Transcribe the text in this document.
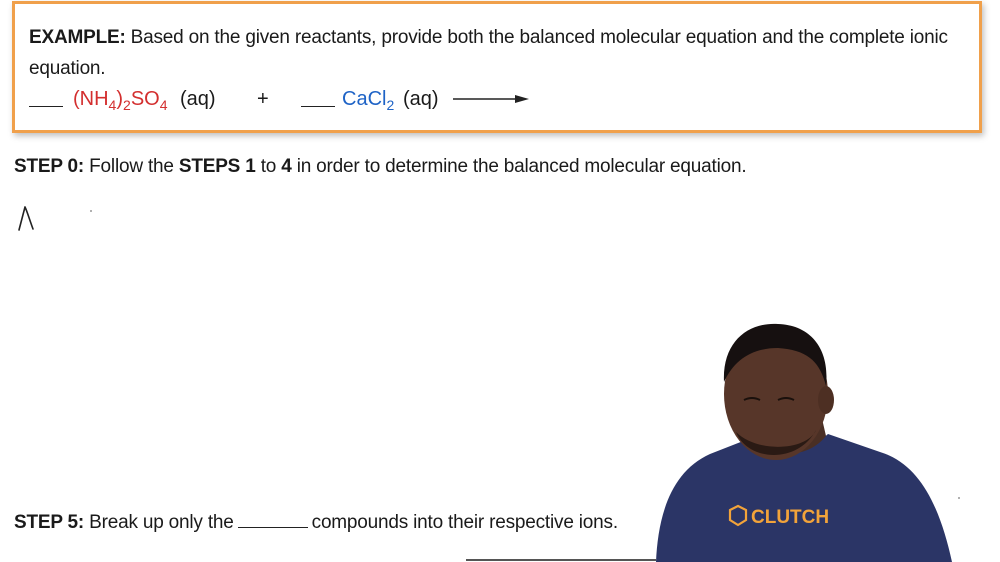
EXAMPLE: Based on the given reactants, provide both the balanced molecular equation and the complete ionic equation.
$(NH_4)_2SO_4$ (aq) +	CaCl$_2$ (aq) →
STEP 0: Follow the STEPS 1 to 4 in order to determine the balanced molecular equation.
STEP 5: Break up only the	compounds into their respective ions.	CLUTCH
